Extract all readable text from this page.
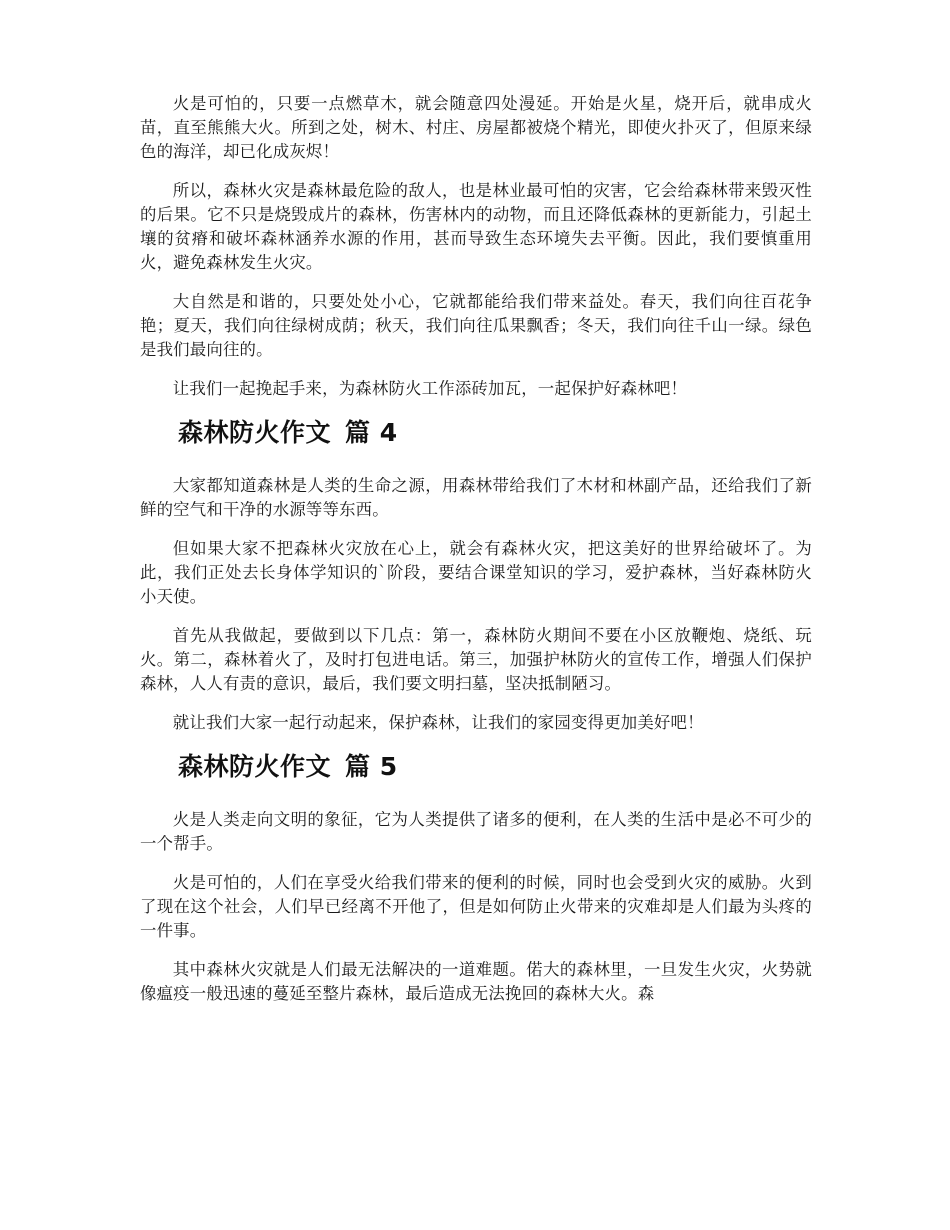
火是可怕的，只要一点燃草木，就会随意四处漫延。开始是火星，烧开后，就串成火苗，直至熊熊大火。所到之处，树木、村庄、房屋都被烧个精光，即使火扑灭了，但原来绿色的海洋，却已化成灰烬！

所以，森林火灾是森林最危险的敌人，也是林业最可怕的灾害，它会给森林带来毁灭性的后果。它不只是烧毁成片的森林，伤害林内的动物，而且还降低森林的更新能力，引起土壤的贫瘠和破坏森林涵养水源的作用，甚而导致生态环境失去平衡。因此，我们要慎重用火，避免森林发生火灾。

大自然是和谐的，只要处处小心，它就都能给我们带来益处。春天，我们向往百花争艳；夏天，我们向往绿树成荫；秋天，我们向往瓜果飘香；冬天，我们向往千山一绿。绿色是我们最向往的。

让我们一起挽起手来，为森林防火工作添砖加瓦，一起保护好森林吧！

森林防火作文 篇 4

大家都知道森林是人类的生命之源，用森林带给我们了木材和林副产品，还给我们了新鲜的空气和干净的水源等等东西。

但如果大家不把森林火灾放在心上，就会有森林火灾，把这美好的世界给破坏了。为此，我们正处去长身体学知识的`阶段，要结合课堂知识的学习，爱护森林，当好森林防火小天使。

首先从我做起，要做到以下几点：第一，森林防火期间不要在小区放鞭炮、烧纸、玩火。第二，森林着火了，及时打包进电话。第三，加强护林防火的宣传工作，增强人们保护森林，人人有责的意识，最后，我们要文明扫墓，坚决抵制陋习。

就让我们大家一起行动起来，保护森林，让我们的家园变得更加美好吧！

森林防火作文 篇 5

火是人类走向文明的象征，它为人类提供了诸多的便利，在人类的生活中是必不可少的一个帮手。

火是可怕的，人们在享受火给我们带来的便利的时候，同时也会受到火灾的威胁。火到了现在这个社会，人们早已经离不开他了，但是如何防止火带来的灾难却是人们最为头疼的一件事。

其中森林火灾就是人们最无法解决的一道难题。偌大的森林里，一旦发生火灾，火势就像瘟疫一般迅速的蔓延至整片森林，最后造成无法挽回的森林大火。森
